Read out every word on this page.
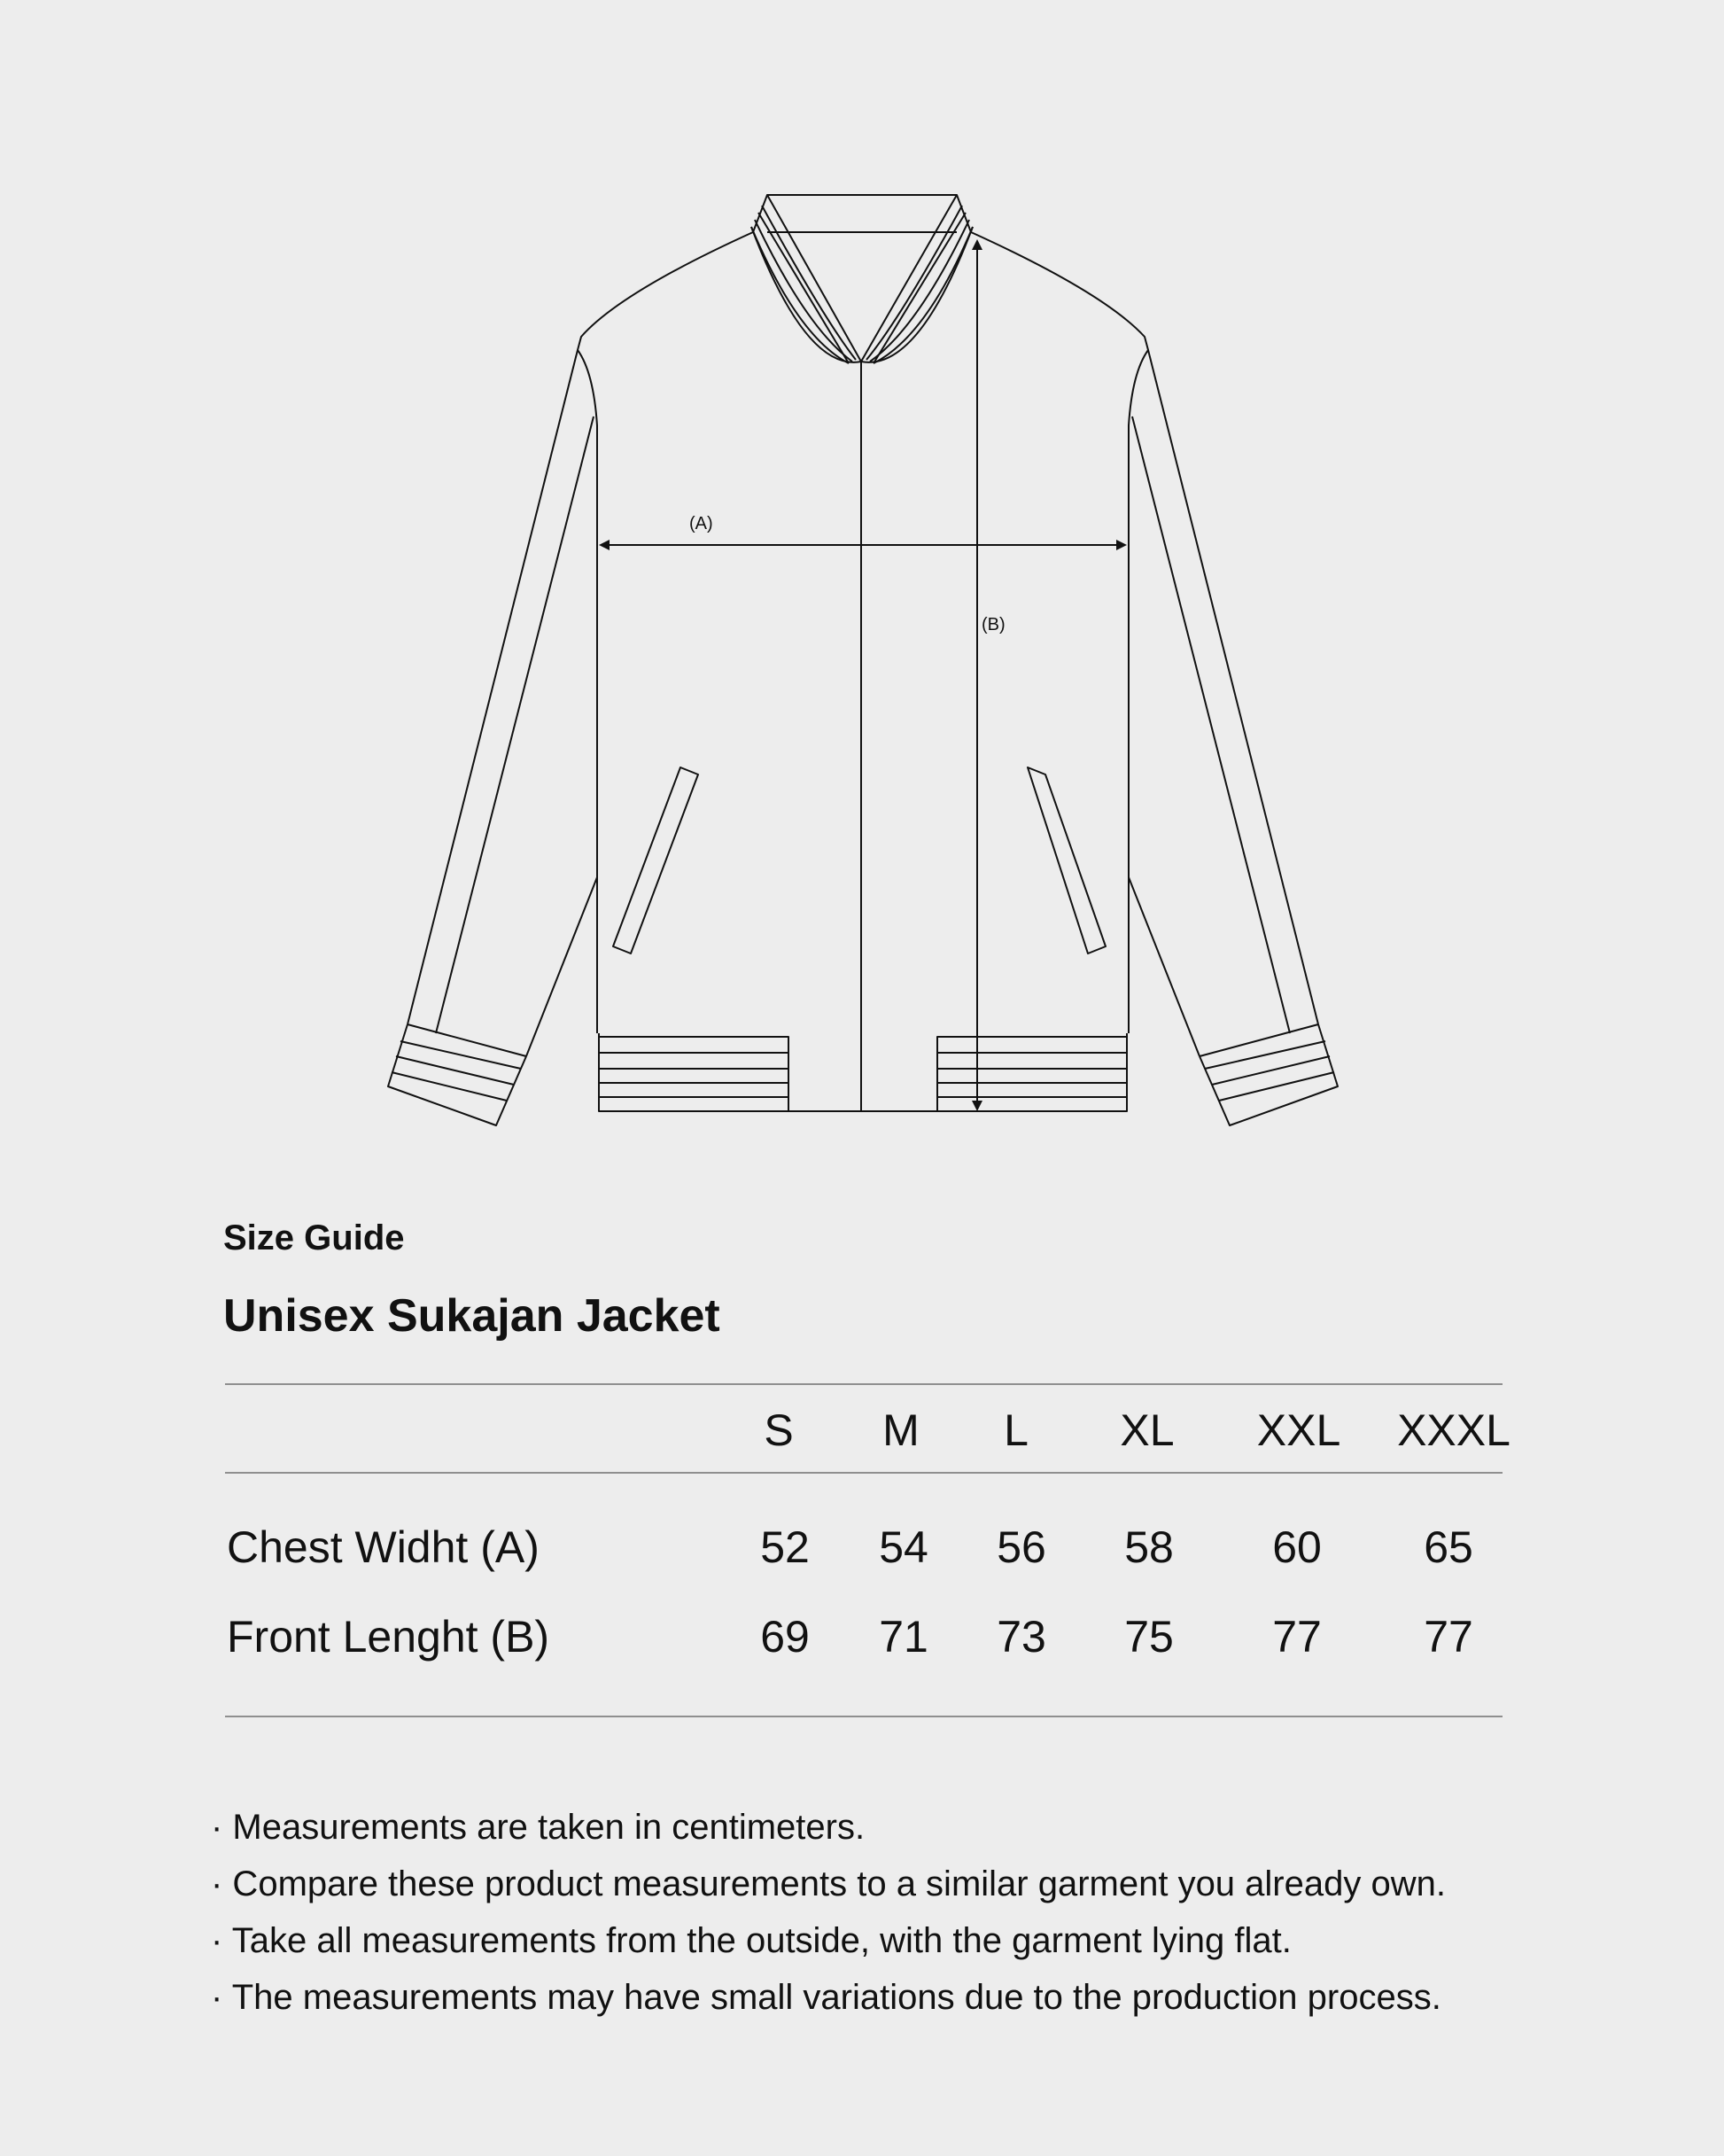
(A)
(B)
Size Guide
Unisex Sukajan Jacket
S M L XL XXL XXXL
Chest Widht (A)	52 54 56 58 60 65
Front Lenght (B)	69 71 73 75 77 77
· Measurements are taken in centimeters.
· Compare these product measurements to a similar garment you already own.
· Take all measurements from the outside, with the garment lying flat.
· The measurements may have small variations due to the production process.
